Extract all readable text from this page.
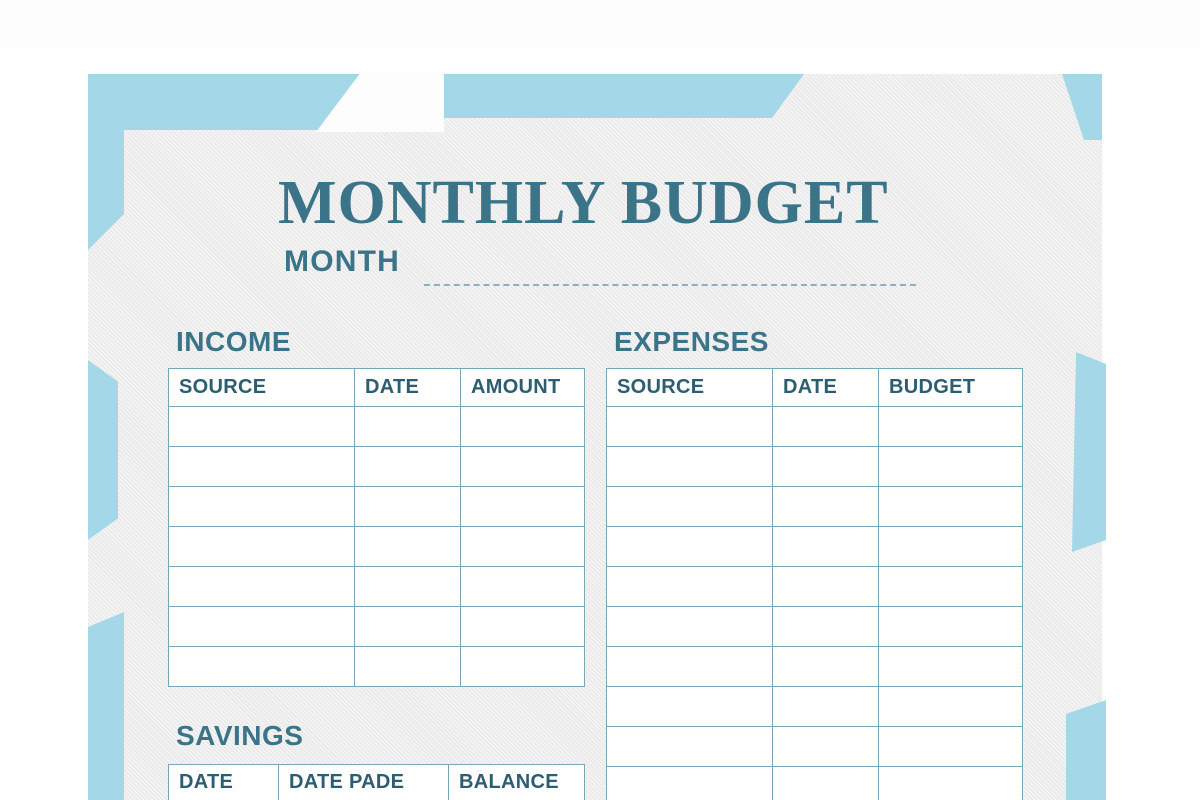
MONTHLY BUDGET
MONTH
INCOME
SOURCE	DATE	AMOUNT

EXPENSES
SOURCE	DATE	BUDGET

SAVINGS
DATE	DATE PADE	BALANCE
